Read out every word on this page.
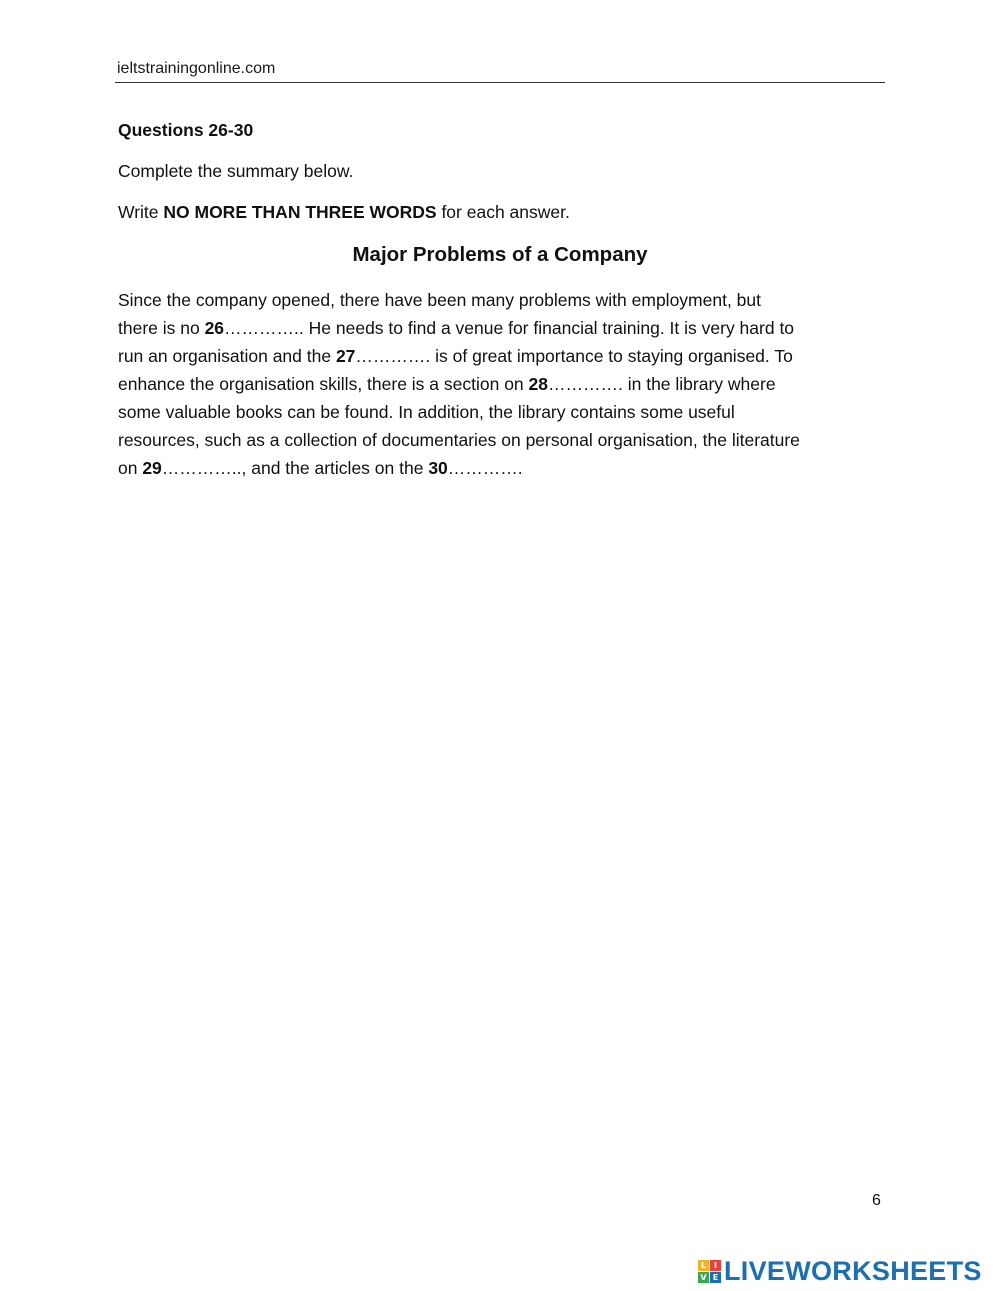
ieltstrainingonline.com
Questions 26-30
Complete the summary below.
Write NO MORE THAN THREE WORDS for each answer.
Major Problems of a Company
Since the company opened, there have been many problems with employment, but
there is no 26………….. He needs to find a venue for financial training. It is very hard to
run an organisation and the 27…………. is of great importance to staying organised. To
enhance the organisation skills, there is a section on 28…………. in the library where
some valuable books can be found. In addition, the library contains some useful
resources, such as a collection of documentaries on personal organisation, the literature
on 29………….., and the articles on the 30………….
6
L I
V E LIVEWORKSHEETS
